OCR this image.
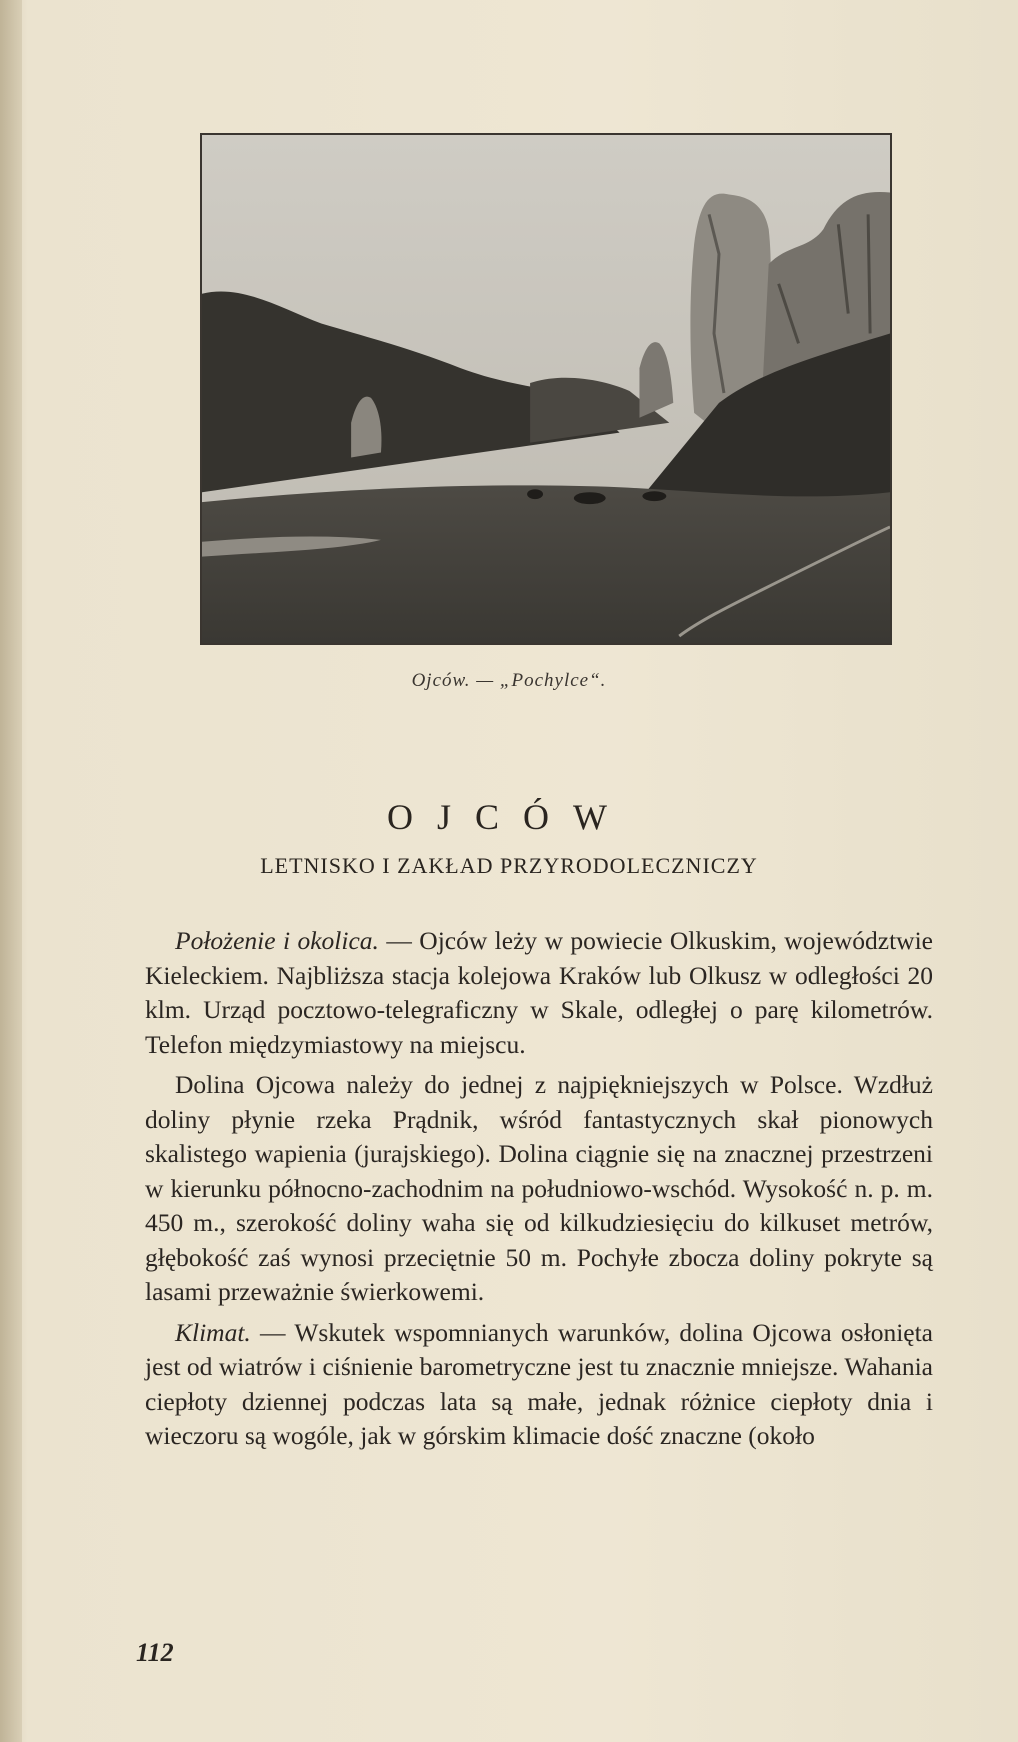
Ojców. — „Pochylce“.
OJCÓW
LETNISKO I ZAKŁAD PRZYRODOLECZNICZY

Położenie i okolica. — Ojców leży w powiecie Olkuskim, województwie Kieleckiem. Najbliższa stacja kolejowa Kraków lub Olkusz w odległości 20 klm. Urząd pocztowo-telegraficzny w Skale, odległej o parę kilometrów. Telefon międzymiastowy na miejscu.

Dolina Ojcowa należy do jednej z najpiękniejszych w Polsce. Wzdłuż doliny płynie rzeka Prądnik, wśród fantastycznych skał pionowych skalistego wapienia (jurajskiego). Dolina ciągnie się na znacznej przestrzeni w kierunku północno-zachodnim na południowo-wschód. Wysokość n. p. m. 450 m., szerokość doliny waha się od kilkudziesięciu do kilkuset metrów, głębokość zaś wynosi przeciętnie 50 m. Pochyłe zbocza doliny pokryte są lasami przeważnie świerkowemi.

Klimat. — Wskutek wspomnianych warunków, dolina Ojcowa osłonięta jest od wiatrów i ciśnienie barometryczne jest tu znacznie mniejsze. Wahania ciepłoty dziennej podczas lata są małe, jednak różnice ciepłoty dnia i wieczoru są wogóle, jak w górskim klimacie dość znaczne (około

112
